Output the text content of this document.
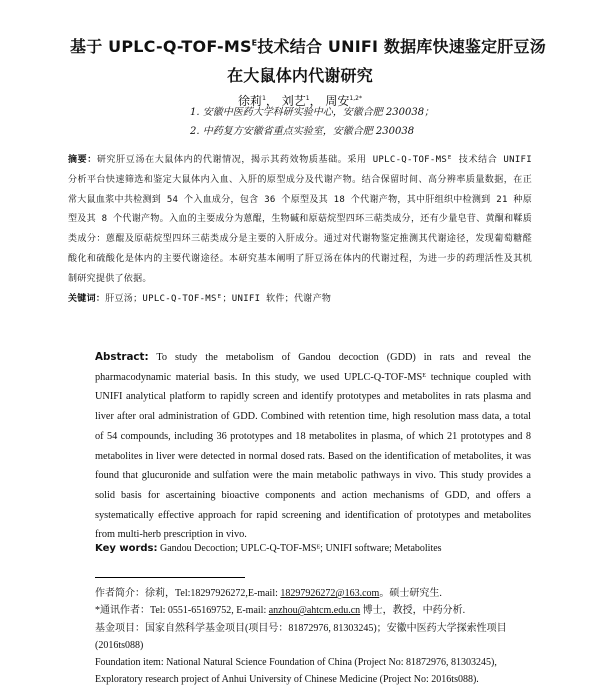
基于 UPLC-$Q-TOF-MS^E$技术结合 UNIFI 数据库快速鉴定肝豆汤
在大鼠体内代谢研究
徐莉$^1$， 刘艺$^1$， 周安$^{1,2*}$
1. 安徽中医药大学科研实验中心，安徽合肥 230038；
2. 中药复方安徽省重点实验室，安徽合肥 230038
摘要：研究肝豆汤在大鼠体内的代谢情况，揭示其药效物质基础。采用 UPLC-Q-TOF-MSᴱ 技术结合 UNIFI 分析平台快速筛选和鉴定大鼠体内入血、入肝的原型成分及代谢产物。结合保留时间、高分辨率质量数据，在正常大鼠血浆中共检测到 54 个入血成分，包含 36 个原型及其 18 个代谢产物，其中肝组织中检测到 21 种原型及其 8 个代谢产物。入血的主要成分为蒽醌，生物碱和原菇烷型四环三萜类成分，还有少量皂苷、黄酮和鞣质类成分：蒽醌及原萜烷型四环三萜类成分是主要的入肝成分。通过对代谢物鉴定推测其代谢途径，发现葡萄糖醛酸化和硫酸化是体内的主要代谢途径。本研究基本阐明了肝豆汤在体内的代谢过程，为进一步的药理活性及其机制研究提供了依据。
关键词：肝豆汤；UPLC-Q-TOF-MSᴱ；UNIFI 软件；代谢产物
Abstract: To study the metabolism of Gandou decoction (GDD) in rats and reveal the pharmacodynamic material basis. In this study, we used UPLC-Q-TOF-MSᴱ technique coupled with UNIFI analytical platform to rapidly screen and identify prototypes and metabolites in rats plasma and liver after oral administration of GDD. Combined with retention time, high resolution mass data, a total of 54 compounds, including 36 prototypes and 18 metabolites in plasma, of which 21 prototypes and 8 metabolites in liver were detected in normal dosed rats. Based on the identification of metabolites, it was found that glucuronide and sulfation were the main metabolic pathways in vivo. This study provides a solid basis for ascertaining bioactive components and action mechanisms of GDD, and offers a systematically effective approach for rapid screening and identification of prototypes and metabolites from multi-herb prescription in vivo.
Key words: Gandou Decoction; UPLC-Q-TOF-MSᴱ; UNIFI software; Metabolites

作者简介：徐莉，Tel:18297926272,E-mail: 18297926272@163.com。硕士研究生.

*通讯作者：Tel: 0551-65169752, E-mail: anzhou@ahtcm.edu.cn 博士，教授，中药分析.

基金项目：国家自然科学基金项目(项目号：81872976, 81303245)；安徽中医药大学探索性项目 (2016ts088)

Foundation item: National Natural Science Foundation of China (Project No: 81872976, 81303245), Exploratory research project of Anhui University of Chinese Medicine (Project No: 2016ts088).
